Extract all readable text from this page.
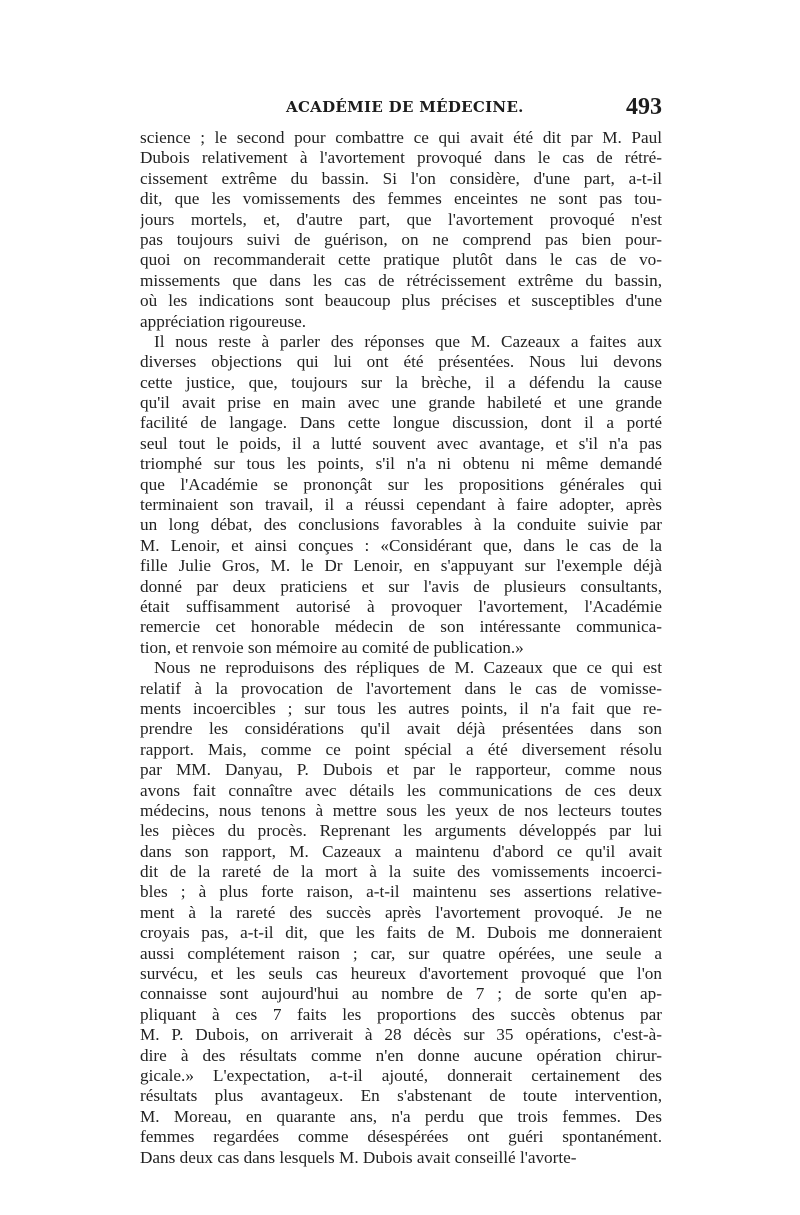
ACADÉMIE DE MÉDECINE.	493
science ; le second pour combattre ce qui avait été dit par M. Paul
Dubois relativement à l'avortement provoqué dans le cas de rétré-
cissement extrême du bassin. Si l'on considère, d'une part, a-t-il
dit, que les vomissements des femmes enceintes ne sont pas tou-
jours mortels, et, d'autre part, que l'avortement provoqué n'est
pas toujours suivi de guérison, on ne comprend pas bien pour-
quoi on recommanderait cette pratique plutôt dans le cas de vo-
missements que dans les cas de rétrécissement extrême du bassin,
où les indications sont beaucoup plus précises et susceptibles d'une
appréciation rigoureuse.
Il nous reste à parler des réponses que M. Cazeaux a faites aux
diverses objections qui lui ont été présentées. Nous lui devons
cette justice, que, toujours sur la brèche, il a défendu la cause
qu'il avait prise en main avec une grande habileté et une grande
facilité de langage. Dans cette longue discussion, dont il a porté
seul tout le poids, il a lutté souvent avec avantage, et s'il n'a pas
triomphé sur tous les points, s'il n'a ni obtenu ni même demandé
que l'Académie se prononçât sur les propositions générales qui
terminaient son travail, il a réussi cependant à faire adopter, après
un long débat, des conclusions favorables à la conduite suivie par
M. Lenoir, et ainsi conçues : «Considérant que, dans le cas de la
fille Julie Gros, M. le Dr Lenoir, en s'appuyant sur l'exemple déjà
donné par deux praticiens et sur l'avis de plusieurs consultants,
était suffisamment autorisé à provoquer l'avortement, l'Académie
remercie cet honorable médecin de son intéressante communica-
tion, et renvoie son mémoire au comité de publication.»
Nous ne reproduisons des répliques de M. Cazeaux que ce qui est
relatif à la provocation de l'avortement dans le cas de vomisse-
ments incoercibles ; sur tous les autres points, il n'a fait que re-
prendre les considérations qu'il avait déjà présentées dans son
rapport. Mais, comme ce point spécial a été diversement résolu
par MM. Danyau, P. Dubois et par le rapporteur, comme nous
avons fait connaître avec détails les communications de ces deux
médecins, nous tenons à mettre sous les yeux de nos lecteurs toutes
les pièces du procès. Reprenant les arguments développés par lui
dans son rapport, M. Cazeaux a maintenu d'abord ce qu'il avait
dit de la rareté de la mort à la suite des vomissements incoerci-
bles ; à plus forte raison, a-t-il maintenu ses assertions relative-
ment à la rareté des succès après l'avortement provoqué. Je ne
croyais pas, a-t-il dit, que les faits de M. Dubois me donneraient
aussi complétement raison ; car, sur quatre opérées, une seule a
survécu, et les seuls cas heureux d'avortement provoqué que l'on
connaisse sont aujourd'hui au nombre de 7 ; de sorte qu'en ap-
pliquant à ces 7 faits les proportions des succès obtenus par
M. P. Dubois, on arriverait à 28 décès sur 35 opérations, c'est-à-
dire à des résultats comme n'en donne aucune opération chirur-
gicale.» L'expectation, a-t-il ajouté, donnerait certainement des
résultats plus avantageux. En s'abstenant de toute intervention,
M. Moreau, en quarante ans, n'a perdu que trois femmes. Des
femmes regardées comme désespérées ont guéri spontanément.
Dans deux cas dans lesquels M. Dubois avait conseillé l'avorte-
